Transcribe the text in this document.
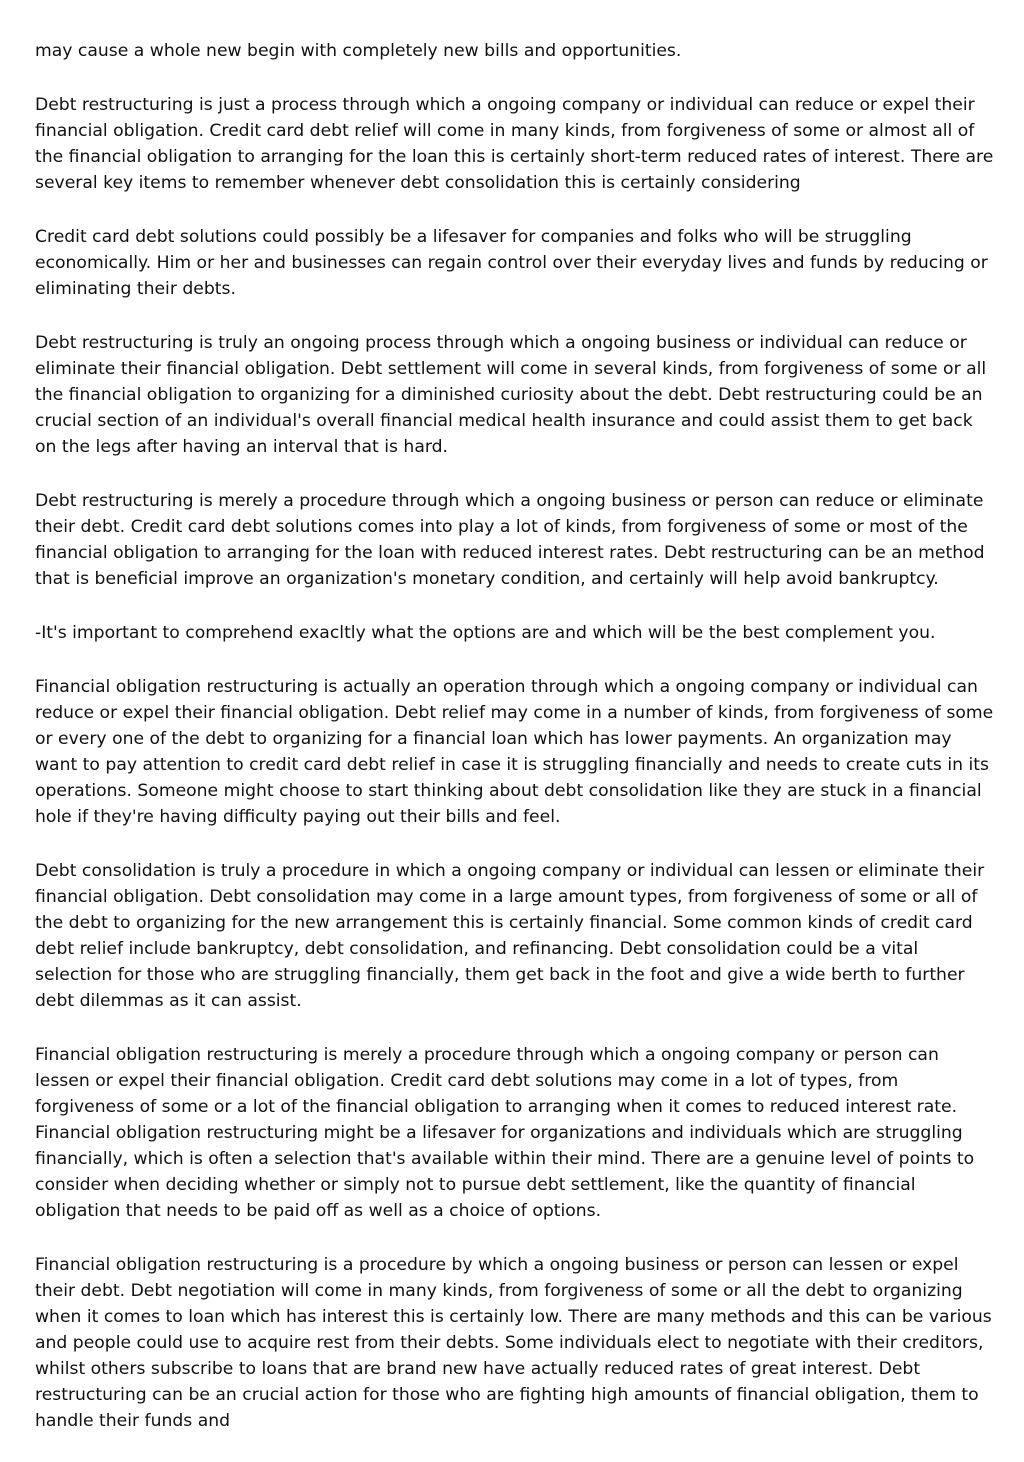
may cause a whole new begin with completely new bills and opportunities.

Debt restructuring is just a process through which a ongoing company or individual can reduce or expel their financial obligation. Credit card debt relief will come in many kinds, from forgiveness of some or almost all of the financial obligation to arranging for the loan this is certainly short-term reduced rates of interest. There are several key items to remember whenever debt consolidation this is certainly considering

Credit card debt solutions could possibly be a lifesaver for companies and folks who will be struggling economically. Him or her and businesses can regain control over their everyday lives and funds by reducing or eliminating their debts.

Debt restructuring is truly an ongoing process through which a ongoing business or individual can reduce or eliminate their financial obligation. Debt settlement will come in several kinds, from forgiveness of some or all the financial obligation to organizing for a diminished curiosity about the debt. Debt restructuring could be an crucial section of an individual's overall financial medical health insurance and could assist them to get back on the legs after having an interval that is hard.

Debt restructuring is merely a procedure through which a ongoing business or person can reduce or eliminate their debt. Credit card debt solutions comes into play a lot of kinds, from forgiveness of some or most of the financial obligation to arranging for the loan with reduced interest rates. Debt restructuring can be an method that is beneficial improve an organization's monetary condition, and certainly will help avoid bankruptcy.

-It's important to comprehend exacltly what the options are and which will be the best complement you.

Financial obligation restructuring is actually an operation through which a ongoing company or individual can reduce or expel their financial obligation. Debt relief may come in a number of kinds, from forgiveness of some or every one of the debt to organizing for a financial loan which has lower payments. An organization may want to pay attention to credit card debt relief in case it is struggling financially and needs to create cuts in its operations. Someone might choose to start thinking about debt consolidation like they are stuck in a financial hole if they're having difficulty paying out their bills and feel.

Debt consolidation is truly a procedure in which a ongoing company or individual can lessen or eliminate their financial obligation. Debt consolidation may come in a large amount types, from forgiveness of some or all of the debt to organizing for the new arrangement this is certainly financial. Some common kinds of credit card debt relief include bankruptcy, debt consolidation, and refinancing. Debt consolidation could be a vital selection for those who are struggling financially, them get back in the foot and give a wide berth to further debt dilemmas as it can assist.

Financial obligation restructuring is merely a procedure through which a ongoing company or person can lessen or expel their financial obligation. Credit card debt solutions may come in a lot of types, from forgiveness of some or a lot of the financial obligation to arranging when it comes to reduced interest rate. Financial obligation restructuring might be a lifesaver for organizations and individuals which are struggling financially, which is often a selection that's available within their mind. There are a genuine level of points to consider when deciding whether or simply not to pursue debt settlement, like the quantity of financial obligation that needs to be paid off as well as a choice of options.

Financial obligation restructuring is a procedure by which a ongoing business or person can lessen or expel their debt. Debt negotiation will come in many kinds, from forgiveness of some or all the debt to organizing when it comes to loan which has interest this is certainly low. There are many methods and this can be various and people could use to acquire rest from their debts. Some individuals elect to negotiate with their creditors, whilst others subscribe to loans that are brand new have actually reduced rates of great interest. Debt restructuring can be an crucial action for those who are fighting high amounts of financial obligation, them to handle their funds and
